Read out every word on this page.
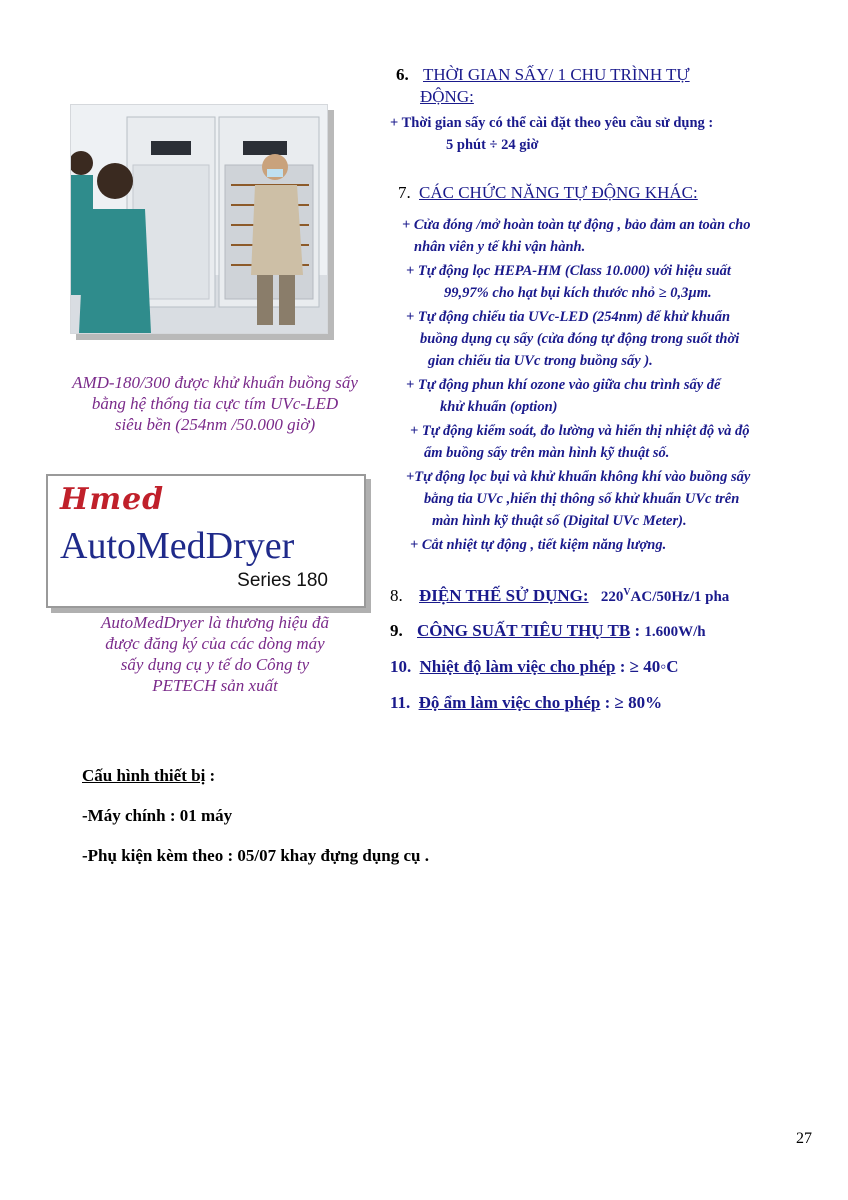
AMD-180/300 được khử khuẩn buồng sấy
bằng hệ thống tia cực tím UVc-LED
siêu bền (254nm /50.000 giờ)
Hmed
AutoMedDryer
Series 180
AutoMedDryer là thương hiệu đã
được đăng ký của các dòng máy
sấy dụng cụ y tế do Công ty
PETECH sản xuất
6. THỜI GIAN SẤY/ 1 CHU TRÌNH TỰ
ĐỘNG:
+ Thời gian sấy có thể cài đặt theo yêu cầu sử dụng :
5 phút ÷ 24 giờ
7. CÁC CHỨC NĂNG TỰ ĐỘNG KHÁC:
+ Cửa đóng /mở hoàn toàn tự động , bảo đảm an toàn cho
nhân viên y tế khi vận hành.
+ Tự động lọc HEPA-HM (Class 10.000) với hiệu suất
99,97% cho hạt bụi kích thước nhỏ ≥ 0,3µm.
+ Tự động chiếu tia UVc-LED (254nm) để khử khuẩn
buồng dụng cụ sấy (cửa đóng tự động trong suốt thời
gian chiếu tia UVc trong buồng sấy ).
+ Tự động phun khí ozone vào giữa chu trình sấy để
khử khuẩn (option)
+ Tự động kiểm soát, đo lường và hiển thị nhiệt độ và độ
ẩm buồng sấy trên màn hình kỹ thuật số.
+Tự động lọc bụi và khử khuẩn không khí vào buồng sấy
bằng tia UVc ,hiển thị thông số khử khuẩn UVc trên
màn hình kỹ thuật số (Digital UVc Meter).
+ Cắt nhiệt tự động , tiết kiệm năng lượng.
8. ĐIỆN THẾ SỬ DỤNG: $220^VAC/50Hz/1$ pha
9. CÔNG SUẤT TIÊU THỤ TB : 1.600W/h
10. Nhiệt độ làm việc cho phép : ≥ 40◦C
11. Độ ẩm làm việc cho phép : ≥ 80%
Cấu hình thiết bị :
-Máy chính : 01 máy
-Phụ kiện kèm theo : 05/07 khay đựng dụng cụ .
27
